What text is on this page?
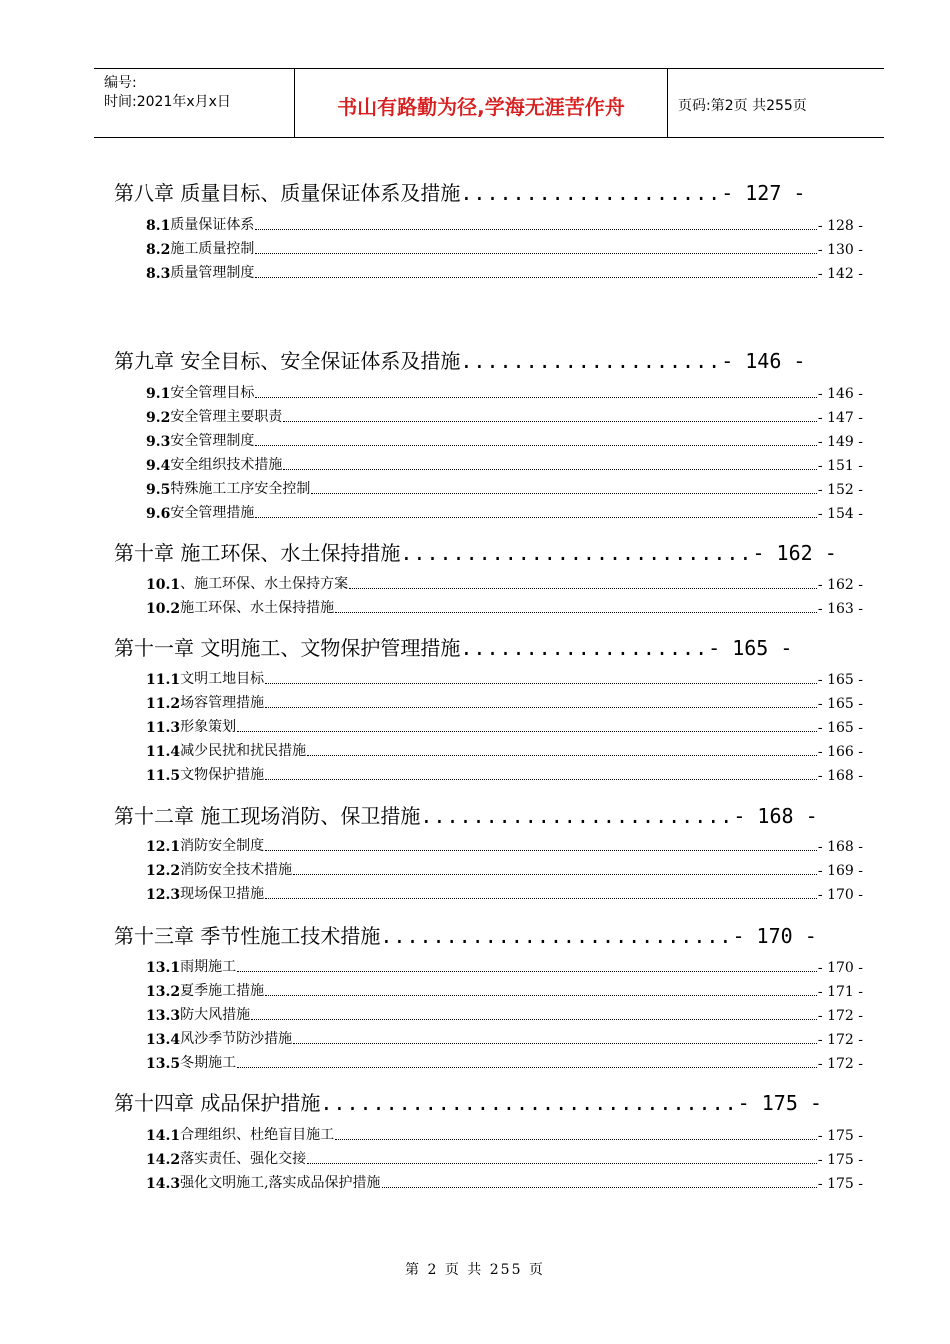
编号:
时间:2021年x月x日	书山有路勤为径,学海无涯苦作舟	页码:第2页 共255页
第八章 质量目标、质量保证体系及措施....................- 127 -
8.1 质量保证体系	- 128 -
8.2 施工质量控制	- 130 -
8.3 质量管理制度	- 142 -
第九章 安全目标、安全保证体系及措施....................- 146 -
9.1 安全管理目标	- 146 -
9.2 安全管理主要职责	- 147 -
9.3 安全管理制度	- 149 -
9.4 安全组织技术措施	- 151 -
9.5 特殊施工工序安全控制	- 152 -
9.6 安全管理措施	- 154 -
第十章 施工环保、水土保持措施...........................- 162 -
10.1 、施工环保、水土保持方案	- 162 -
10.2 施工环保、水土保持措施	- 163 -
第十一章 文明施工、文物保护管理措施...................- 165 -
11.1 文明工地目标	- 165 -
11.2 场容管理措施	- 165 -
11.3 形象策划	- 165 -
11.4 减少民扰和扰民措施	- 166 -
11.5 文物保护措施	- 168 -
第十二章 施工现场消防、保卫措施........................- 168 -
12.1 消防安全制度	- 168 -
12.2 消防安全技术措施	- 169 -
12.3 现场保卫措施	- 170 -
第十三章 季节性施工技术措施...........................- 170 -
13.1 雨期施工	- 170 -
13.2 夏季施工措施	- 171 -
13.3 防大风措施	- 172 -
13.4 风沙季节防沙措施	- 172 -
13.5 冬期施工	- 172 -
第十四章 成品保护措施................................- 175 -
14.1 合理组织、杜绝盲目施工	- 175 -
14.2 落实责任、强化交接	- 175 -
14.3 强化文明施工,落实成品保护措施	- 175 -
第 2 页 共 255 页
